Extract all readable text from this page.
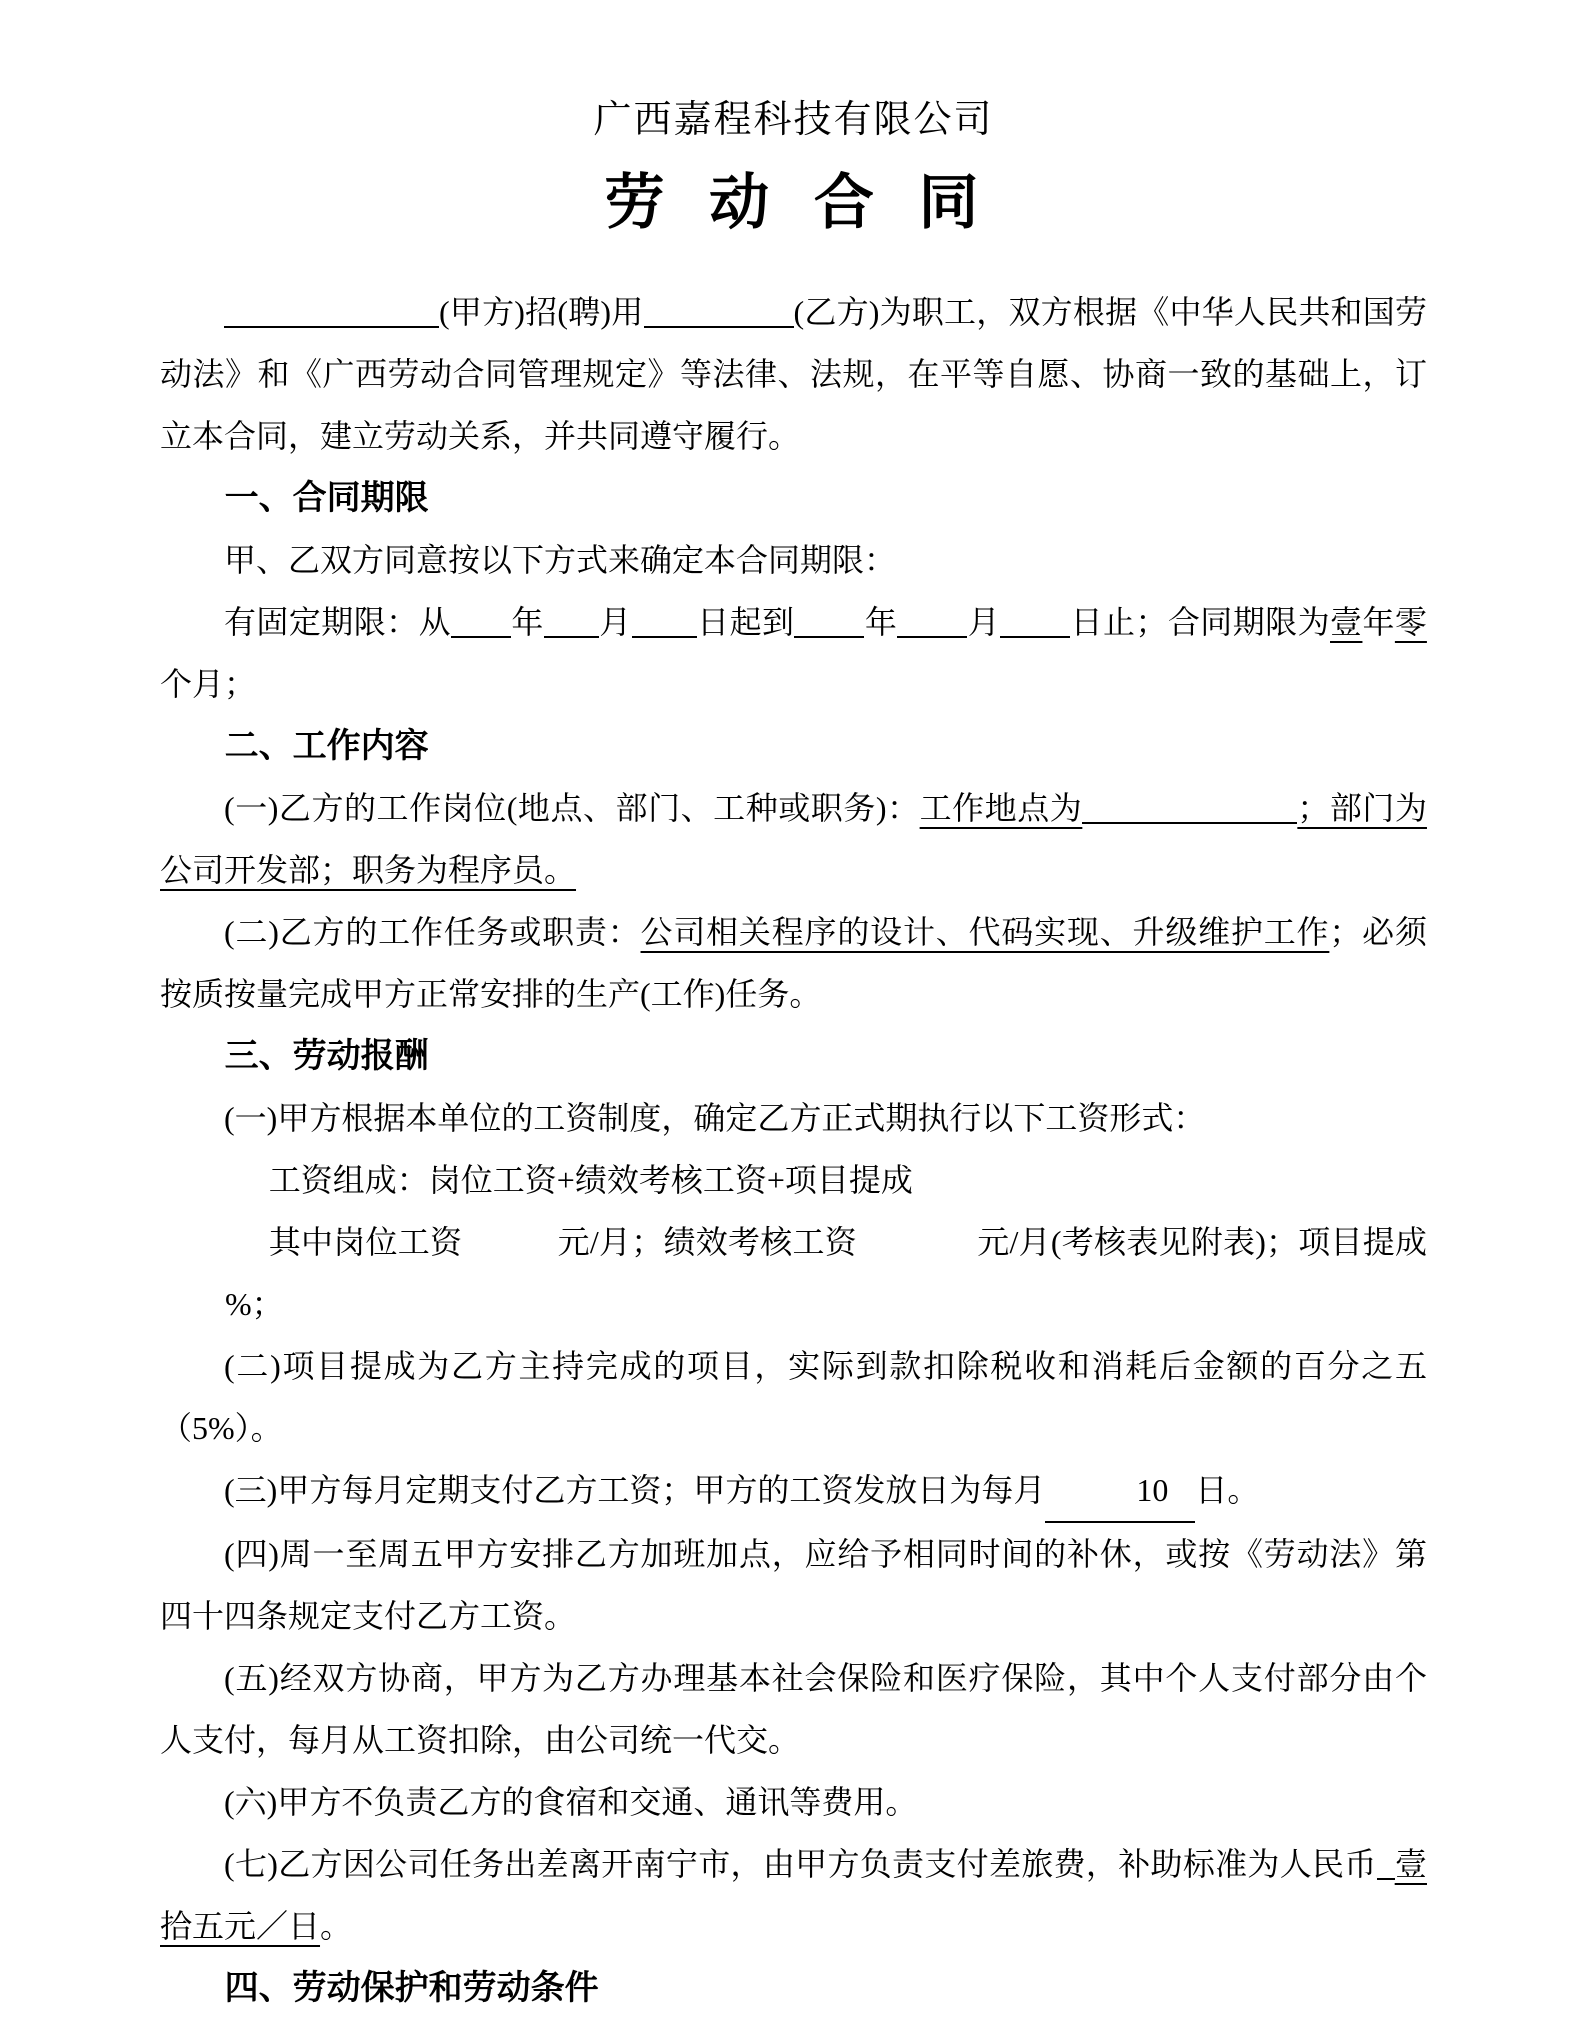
广西嘉程科技有限公司
劳 动 合 同

(甲方)招(聘)用	(乙方)为职工，双方根据《中华人民共和国劳动法》和《广西劳动合同管理规定》等法律、法规，在平等自愿、协商一致的基础上，订立本合同，建立劳动关系，并共同遵守履行。

一、合同期限

甲、乙双方同意按以下方式来确定本合同期限：

有固定期限：从 年 月 日起到 年 月 日止；合同期限为壹年零个月；

二、工作内容

(一)乙方的工作岗位(地点、部门、工种或职务)：工作地点为	；部门为公司开发部；职务为程序员。

(二)乙方的工作任务或职责：公司相关程序的设计、代码实现、升级维护工作；必须按质按量完成甲方正常安排的生产(工作)任务。

三、劳动报酬

(一)甲方根据本单位的工资制度，确定乙方正式期执行以下工资形式：

工资组成：岗位工资+绩效考核工资+项目提成

其中岗位工资	元/月；绩效考核工资	元/月(考核表见附表)；项目提成%；

(二)项目提成为乙方主持完成的项目，实际到款扣除税收和消耗后金额的百分之五（5%）。

(三)甲方每月定期支付乙方工资；甲方的工资发放日为每月	10 日。

(四)周一至周五甲方安排乙方加班加点，应给予相同时间的补休，或按《劳动法》第四十四条规定支付乙方工资。

(五)经双方协商，甲方为乙方办理基本社会保险和医疗保险，其中个人支付部分由个人支付，每月从工资扣除，由公司统一代交。

(六)甲方不负责乙方的食宿和交通、通讯等费用。

(七)乙方因公司任务出差离开南宁市，由甲方负责支付差旅费，补助标准为人民币 壹拾五元／日。

四、劳动保护和劳动条件
